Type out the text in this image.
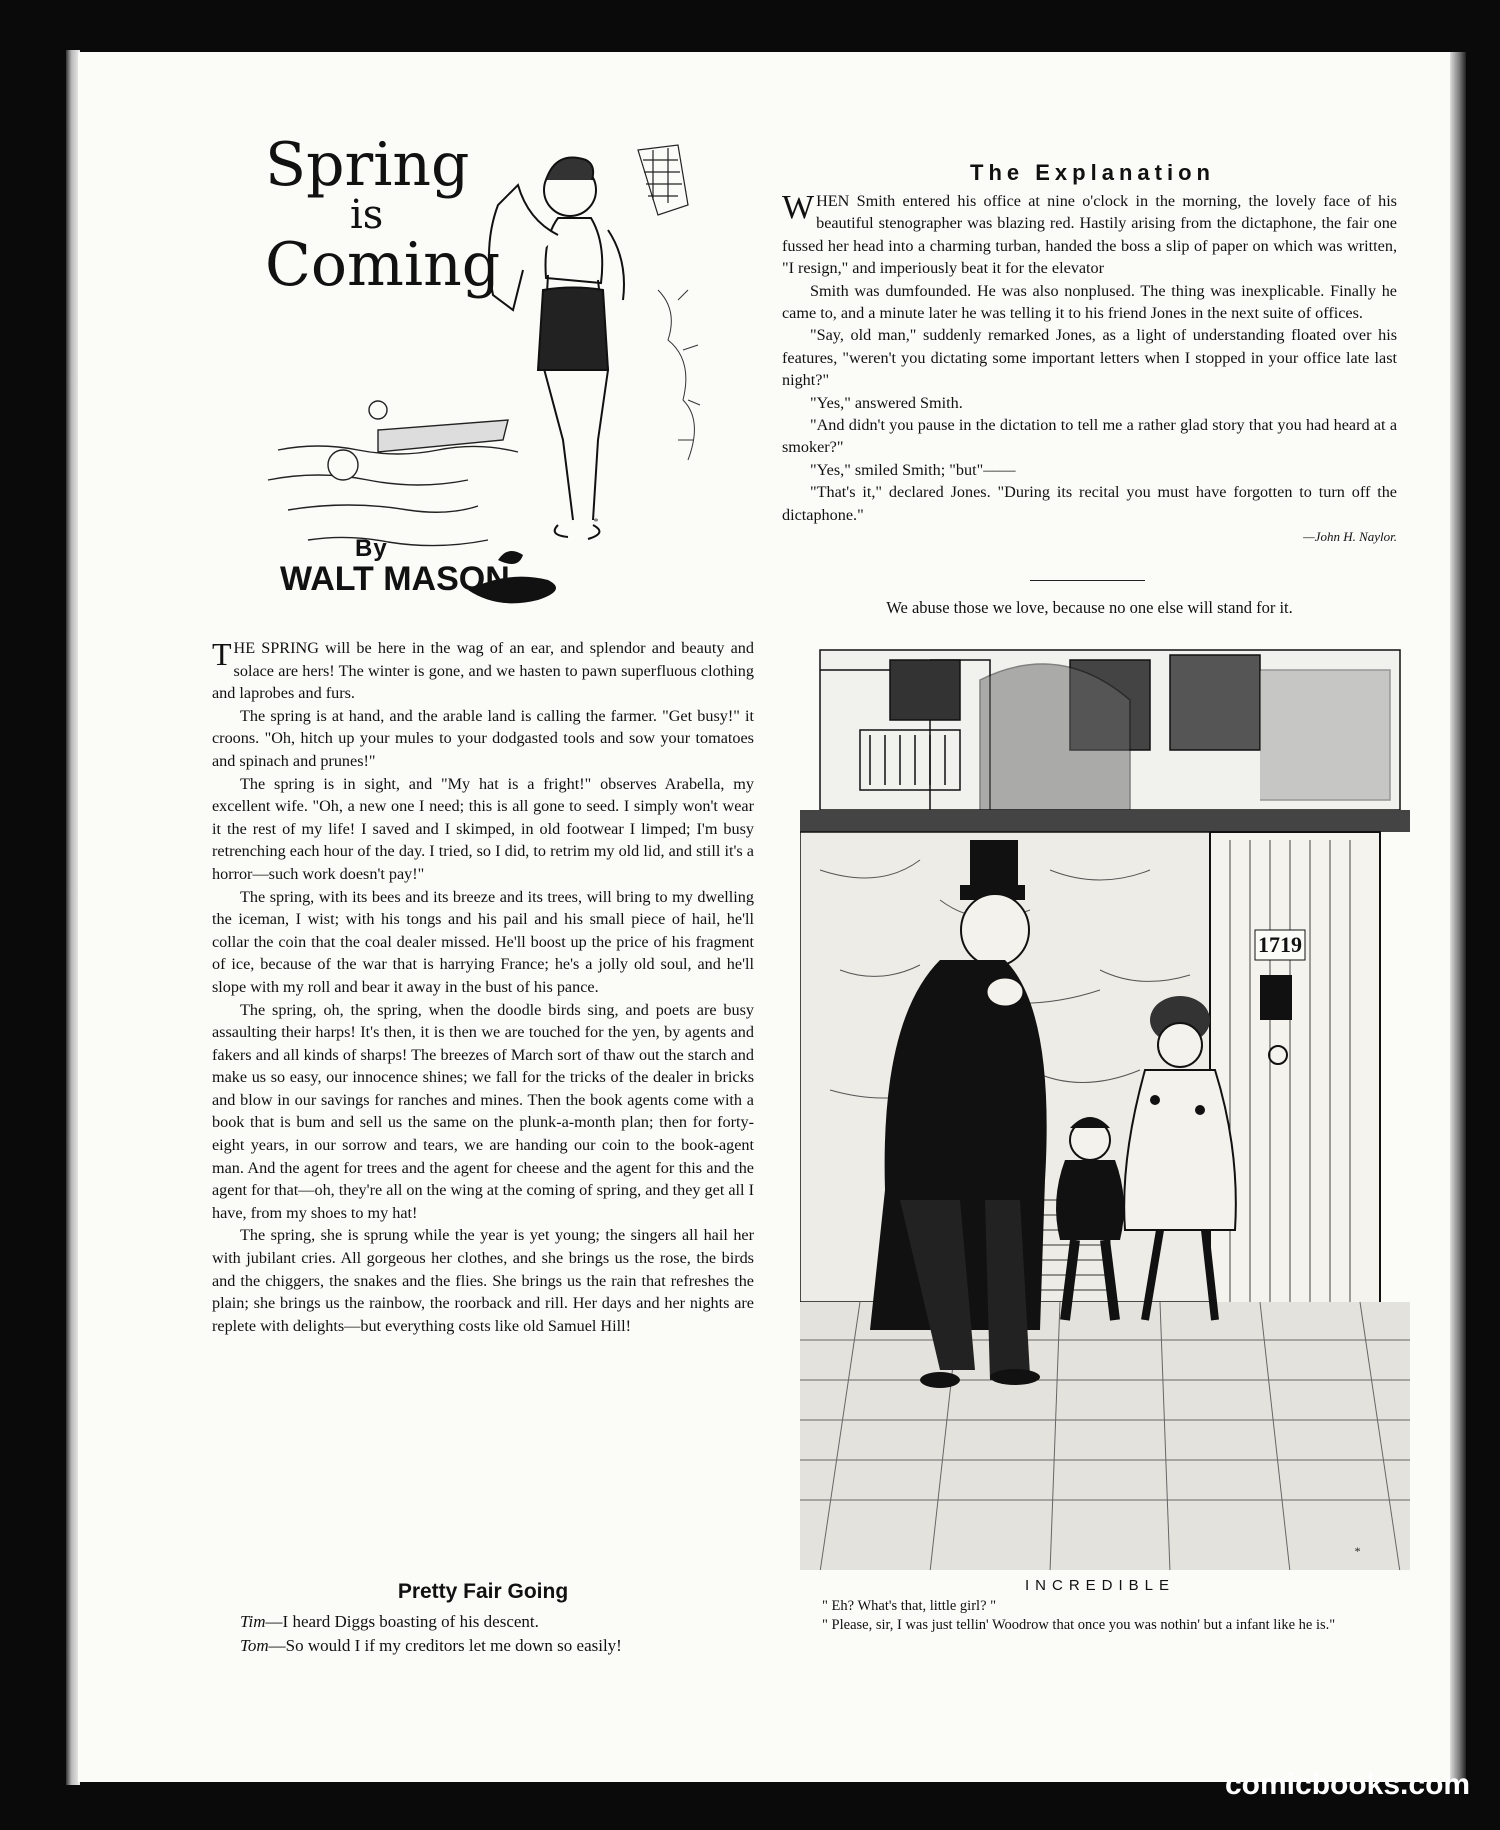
*
Spring
is
Coming
By
WALT MASON

THE SPRING will be here in the wag of an ear, and splendor and beauty and solace are hers! The winter is gone, and we hasten to pawn superfluous clothing and laprobes and furs.

The spring is at hand, and the arable land is calling the farmer. "Get busy!" it croons. "Oh, hitch up your mules to your dodgasted tools and sow your tomatoes and spinach and prunes!"

The spring is in sight, and "My hat is a fright!" observes Arabella, my excellent wife. "Oh, a new one I need; this is all gone to seed. I simply won't wear it the rest of my life! I saved and I skimped, in old footwear I limped; I'm busy retrenching each hour of the day. I tried, so I did, to retrim my old lid, and still it's a horror—such work doesn't pay!"

The spring, with its bees and its breeze and its trees, will bring to my dwelling the iceman, I wist; with his tongs and his pail and his small piece of hail, he'll collar the coin that the coal dealer missed. He'll boost up the price of his fragment of ice, because of the war that is harrying France; he's a jolly old soul, and he'll slope with my roll and bear it away in the bust of his pance.

The spring, oh, the spring, when the doodle birds sing, and poets are busy assaulting their harps! It's then, it is then we are touched for the yen, by agents and fakers and all kinds of sharps! The breezes of March sort of thaw out the starch and make us so easy, our innocence shines; we fall for the tricks of the dealer in bricks and blow in our savings for ranches and mines. Then the book agents come with a book that is bum and sell us the same on the plunk-a-month plan; then for forty-eight years, in our sorrow and tears, we are handing our coin to the book-agent man. And the agent for trees and the agent for cheese and the agent for this and the agent for that—oh, they're all on the wing at the coming of spring, and they get all I have, from my shoes to my hat!

The spring, she is sprung while the year is yet young; the singers all hail her with jubilant cries. All gorgeous her clothes, and she brings us the rose, the birds and the chiggers, the snakes and the flies. She brings us the rain that refreshes the plain; she brings us the rainbow, the roorback and rill. Her days and her nights are replete with delights—but everything costs like old Samuel Hill!

Pretty Fair Going
Tim—I heard Diggs boasting of his descent.
Tom—So would I if my creditors let me down so easily!
The Explanation

WHEN Smith entered his office at nine o'clock in the morning, the lovely face of his beautiful stenographer was blazing red. Hastily arising from the dictaphone, the fair one fussed her head into a charming turban, handed the boss a slip of paper on which was written, "I resign," and imperiously beat it for the elevator

Smith was dumfounded. He was also nonplused. The thing was inexplicable. Finally he came to, and a minute later he was telling it to his friend Jones in the next suite of offices.

"Say, old man," suddenly remarked Jones, as a light of understanding floated over his features, "weren't you dictating some important letters when I stopped in your office late last night?"

"Yes," answered Smith.

"And didn't you pause in the dictation to tell me a rather glad story that you had heard at a smoker?"

"Yes," smiled Smith; "but"——

"That's it," declared Jones. "During its recital you must have forgotten to turn off the dictaphone."

—John H. Naylor.
We abuse those we love, because no one else will stand for it.
1719
*
INCREDIBLE
" Eh? What's that, little girl? "
" Please, sir, I was just tellin' Woodrow that once you was nothin' but a infant like he is."
comicbooks.com
